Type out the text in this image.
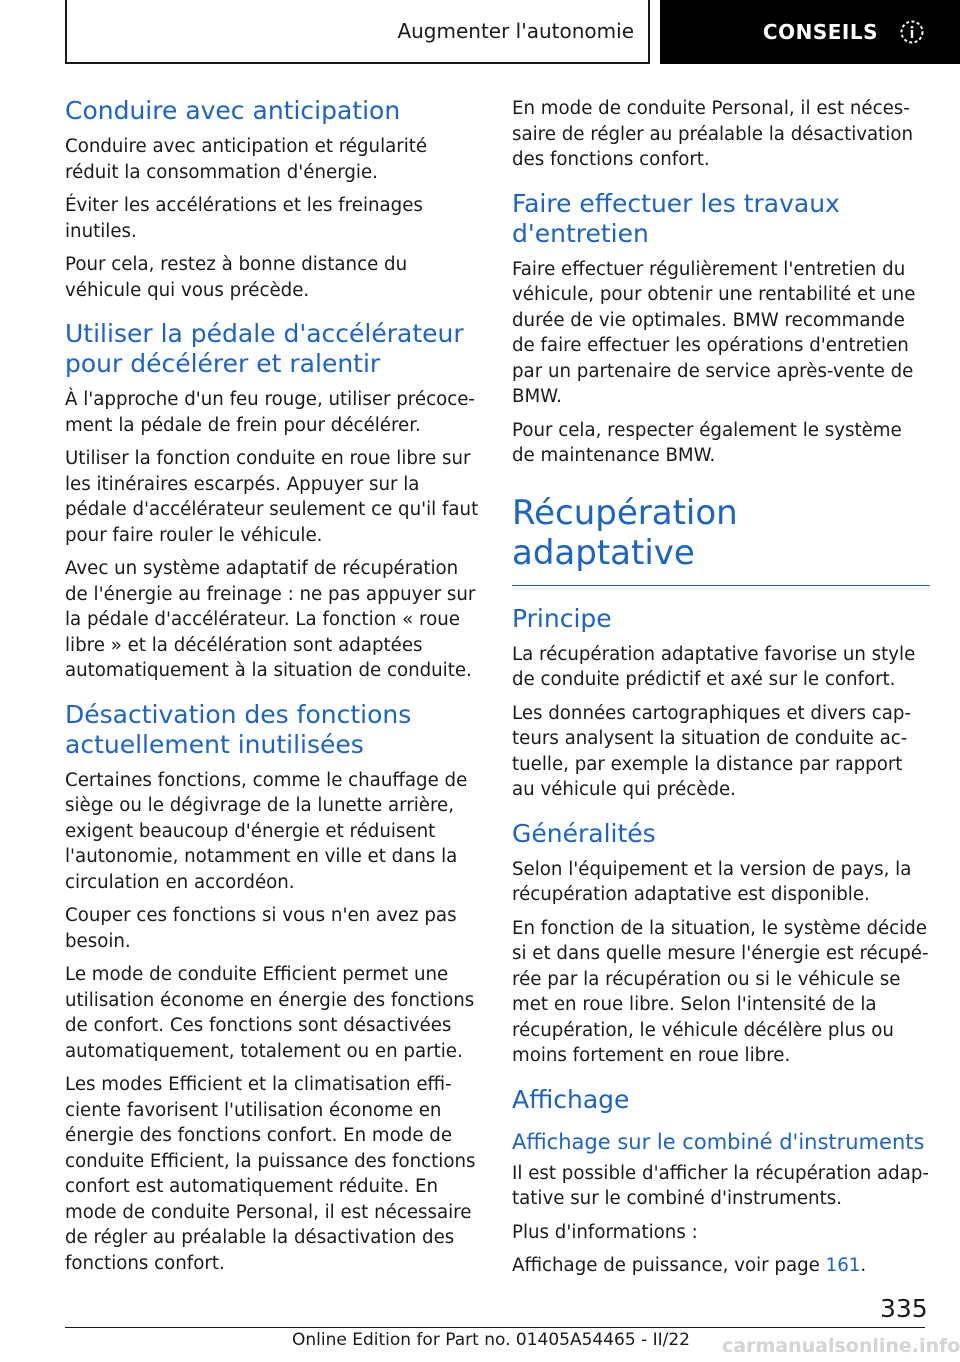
Augmenter l'autonomie	CONSEILS
Conduire avec anticipation

Conduire avec anticipation et régularité réduit la consommation d'énergie.

Éviter les accélérations et les freinages inutiles.

Pour cela, restez à bonne distance du véhicule qui vous précède.

Utiliser la pédale d'accélérateur pour décélérer et ralentir

À l'approche d'un feu rouge, utiliser précocement la pédale de frein pour décélérer.

Utiliser la fonction conduite en roue libre sur les itinéraires escarpés. Appuyer sur la pédale d'accélérateur seulement ce qu'il faut pour faire rouler le véhicule.

Avec un système adaptatif de récupération de l'énergie au freinage : ne pas appuyer sur la pédale d'accélérateur. La fonction « roue libre » et la décélération sont adaptées automatiquement à la situation de conduite.

Désactivation des fonctions actuellement inutilisées

Certaines fonctions, comme le chauffage de siège ou le dégivrage de la lunette arrière, exigent beaucoup d'énergie et réduisent l'autonomie, notamment en ville et dans la circulation en accordéon.

Couper ces fonctions si vous n'en avez pas besoin.

Le mode de conduite Efficient permet une utilisation économe en énergie des fonctions de confort. Ces fonctions sont désactivées automatiquement, totalement ou en partie.

Les modes Efficient et la climatisation efficiente favorisent l'utilisation économe en énergie des fonctions confort. En mode de conduite Efficient, la puissance des fonctions confort est automatiquement réduite. En mode de conduite Personal, il est nécessaire de régler au préalable la désactivation des fonctions confort.

En mode de conduite Personal, il est nécessaire de régler au préalable la désactivation des fonctions confort.

Faire effectuer les travaux d'entretien

Faire effectuer régulièrement l'entretien du véhicule, pour obtenir une rentabilité et une durée de vie optimales. BMW recommande de faire effectuer les opérations d'entretien par un partenaire de service après-vente de BMW.

Pour cela, respecter également le système de maintenance BMW.

Récupération adaptative
Principe

La récupération adaptative favorise un style de conduite prédictif et axé sur le confort.

Les données cartographiques et divers capteurs analysent la situation de conduite actuelle, par exemple la distance par rapport au véhicule qui précède.

Généralités

Selon l'équipement et la version de pays, la récupération adaptative est disponible.

En fonction de la situation, le système décide si et dans quelle mesure l'énergie est récupérée par la récupération ou si le véhicule se met en roue libre. Selon l'intensité de la récupération, le véhicule décélère plus ou moins fortement en roue libre.

Affichage
Affichage sur le combiné d'instruments

Il est possible d'afficher la récupération adaptative sur le combiné d'instruments.

Plus d'informations :

Affichage de puissance, voir page 161.

335
Online Edition for Part no. 01405A54465 - II/22 carmanualsonline.info
